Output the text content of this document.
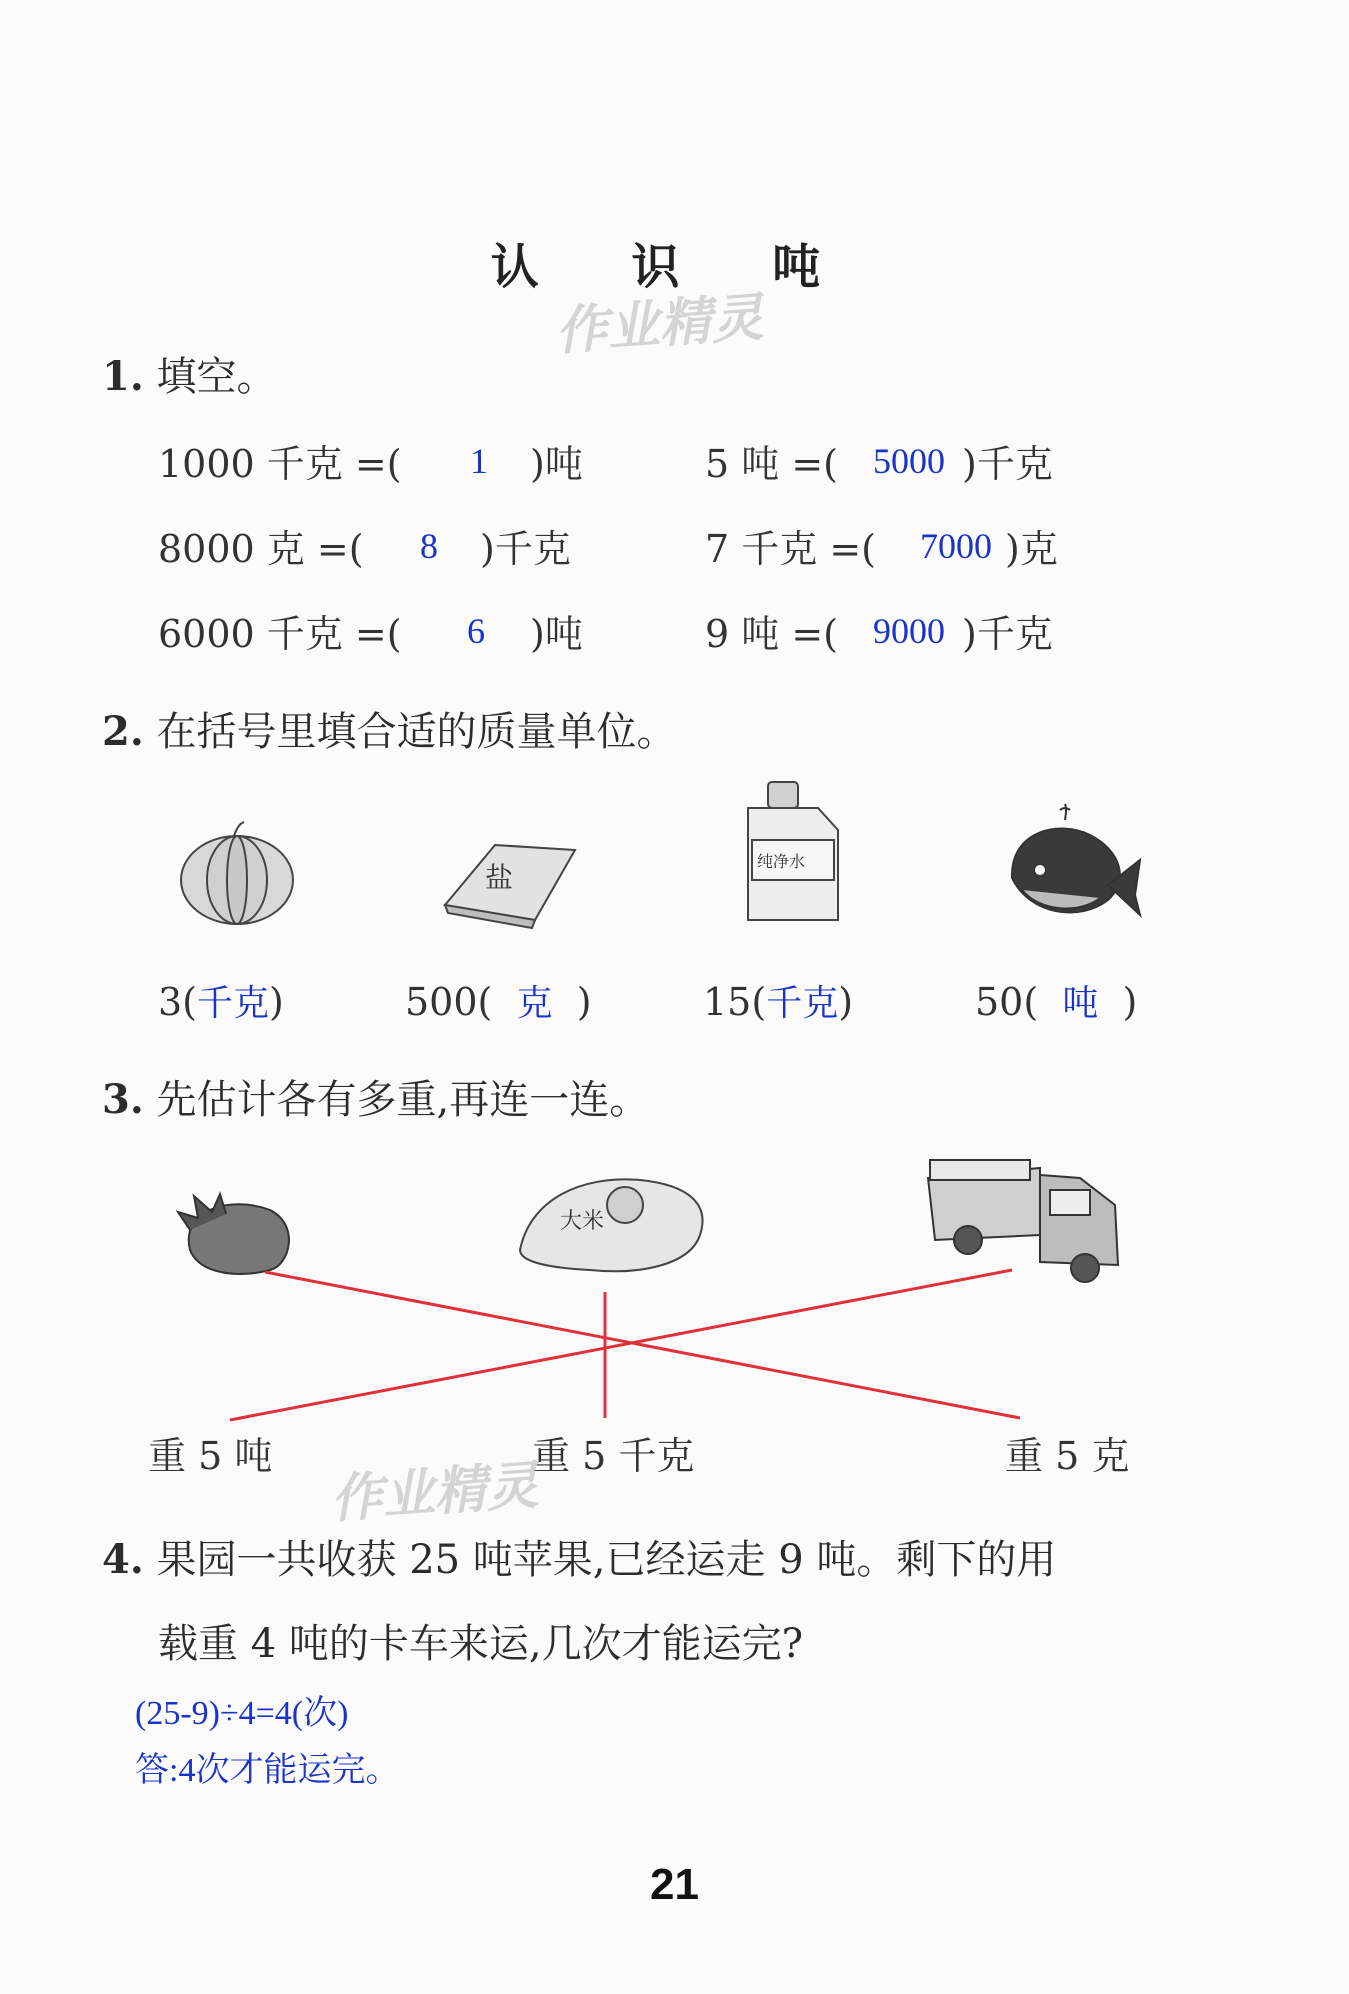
认 识 吨
作业精灵
1. 填空。
1000 千克 =( 1 )吨	5 吨 =( 5000 )千克
8000 克 =( 8 )千克	7 千克 =( 7000 )克
6000 千克 =( 6 )吨	9 吨 =( 9000 )千克
2. 在括号里填合适的质量单位。
盐	纯净水
大米
3(千克)	500( 克 )	15(千克)	50( 吨 )
3. 先估计各有多重,再连一连。
重 5 吨	重 5 千克	重 5 克
作业精灵
4. 果园一共收获 25 吨苹果,已经运走 9 吨。剩下的用
载重 4 吨的卡车来运,几次才能运完?
(25-9)÷4=4(次)
答:4次才能运完。
21
